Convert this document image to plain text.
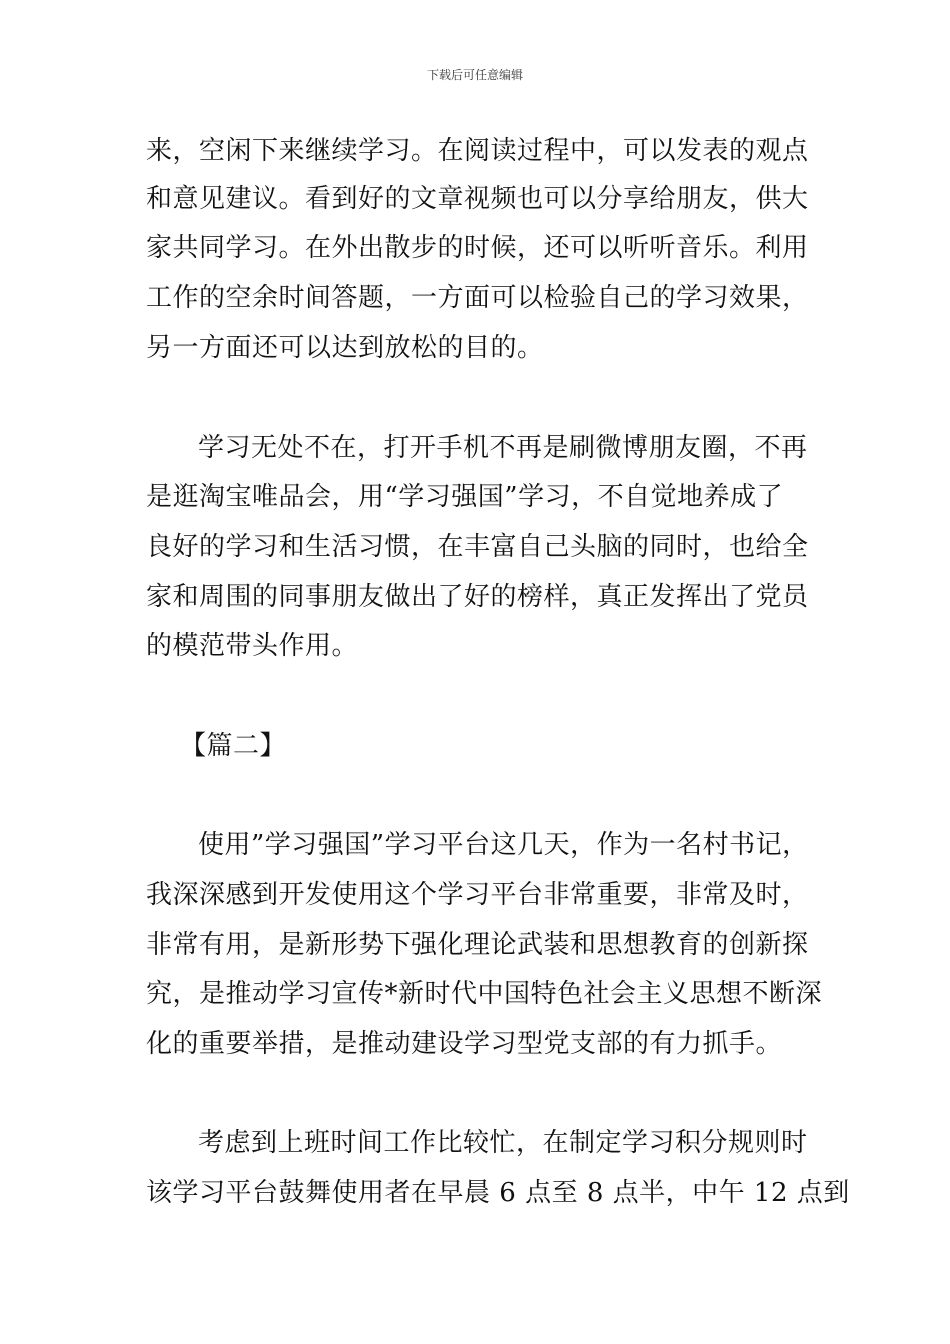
下载后可任意编辑
来，空闲下来继续学习。在阅读过程中，可以发表的观点
和意见建议。看到好的文章视频也可以分享给朋友，供大
家共同学习。在外出散步的时候，还可以听听音乐。利用
工作的空余时间答题，一方面可以检验自己的学习效果，
另一方面还可以达到放松的目的。
学习无处不在，打开手机不再是刷微博朋友圈，不再
是逛淘宝唯品会，用“学习强国”学习，不自觉地养成了
良好的学习和生活习惯，在丰富自己头脑的同时，也给全
家和周围的同事朋友做出了好的榜样，真正发挥出了党员
的模范带头作用。
【篇二】
使用”学习强国”学习平台这几天，作为一名村书记，
我深深感到开发使用这个学习平台非常重要，非常及时，
非常有用，是新形势下强化理论武装和思想教育的创新探
究，是推动学习宣传*新时代中国特色社会主义思想不断深
化的重要举措，是推动建设学习型党支部的有力抓手。
考虑到上班时间工作比较忙，在制定学习积分规则时
该学习平台鼓舞使用者在早晨 6 点至 8 点半，中午 12 点到
